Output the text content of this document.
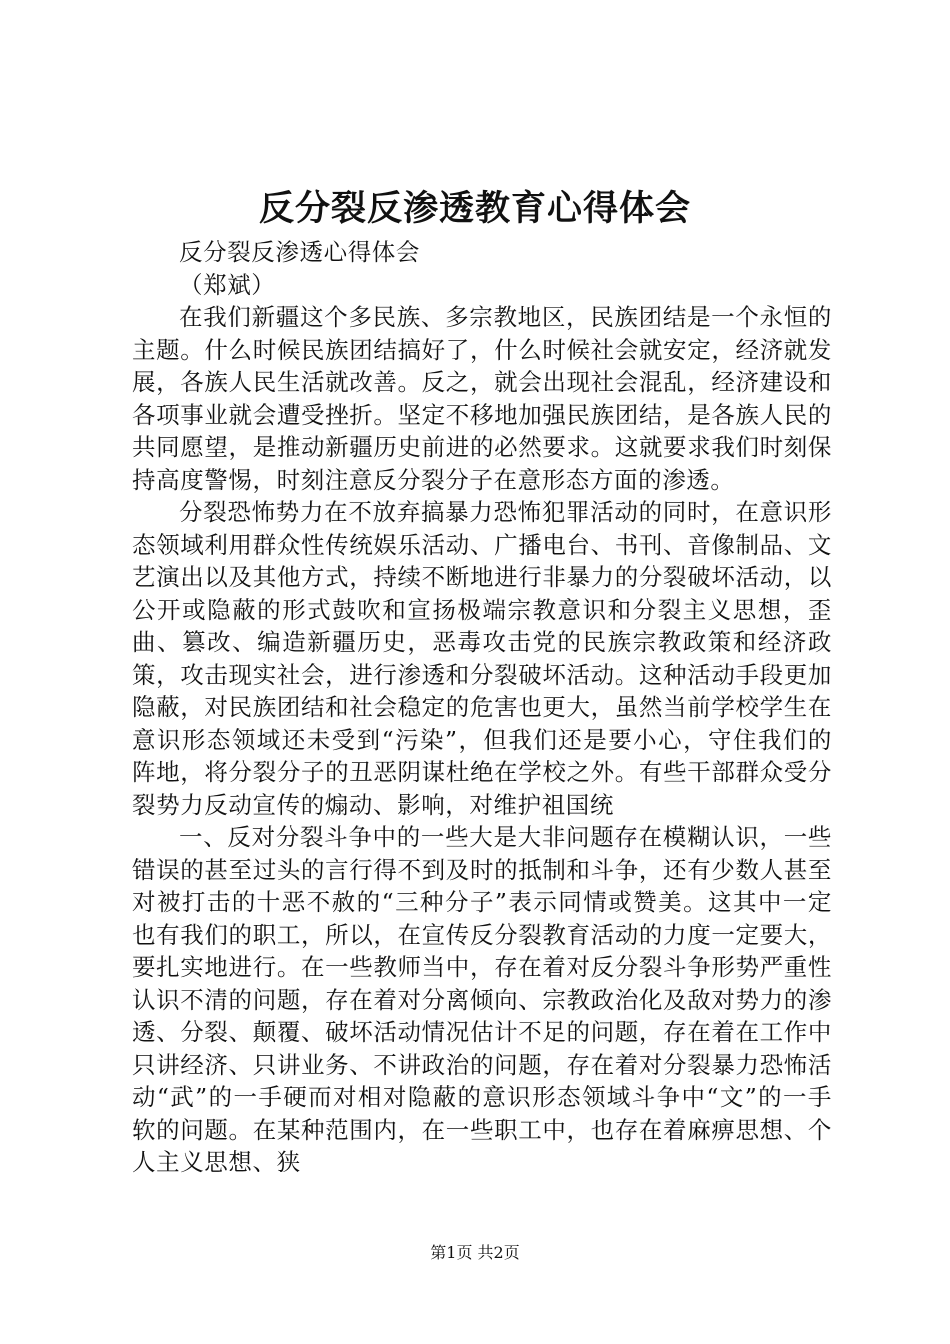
反分裂反渗透教育心得体会

反分裂反渗透心得体会

（郑斌）

在我们新疆这个多民族、多宗教地区，民族团结是一个永恒的主题。什么时候民族团结搞好了，什么时候社会就安定，经济就发展，各族人民生活就改善。反之，就会出现社会混乱，经济建设和各项事业就会遭受挫折。坚定不移地加强民族团结，是各族人民的共同愿望，是推动新疆历史前进的必然要求。这就要求我们时刻保持高度警惕，时刻注意反分裂分子在意形态方面的渗透。

分裂恐怖势力在不放弃搞暴力恐怖犯罪活动的同时，在意识形态领域利用群众性传统娱乐活动、广播电台、书刊、音像制品、文艺演出以及其他方式，持续不断地进行非暴力的分裂破坏活动，以公开或隐蔽的形式鼓吹和宣扬极端宗教意识和分裂主义思想，歪曲、篡改、编造新疆历史，恶毒攻击党的民族宗教政策和经济政策，攻击现实社会，进行渗透和分裂破坏活动。这种活动手段更加隐蔽，对民族团结和社会稳定的危害也更大，虽然当前学校学生在意识形态领域还未受到“污染”，但我们还是要小心，守住我们的阵地，将分裂分子的丑恶阴谋杜绝在学校之外。有些干部群众受分裂势力反动宣传的煽动、影响，对维护祖国统

一、反对分裂斗争中的一些大是大非问题存在模糊认识，一些错误的甚至过头的言行得不到及时的抵制和斗争，还有少数人甚至对被打击的十恶不赦的“三种分子”表示同情或赞美。这其中一定也有我们的职工，所以，在宣传反分裂教育活动的力度一定要大，要扎实地进行。在一些教师当中，存在着对反分裂斗争形势严重性认识不清的问题，存在着对分离倾向、宗教政治化及敌对势力的渗透、分裂、颠覆、破坏活动情况估计不足的问题，存在着在工作中只讲经济、只讲业务、不讲政治的问题，存在着对分裂暴力恐怖活动“武”的一手硬而对相对隐蔽的意识形态领域斗争中“文”的一手软的问题。在某种范围内，在一些职工中，也存在着麻痹思想、个人主义思想、狭

第1页 共2页
